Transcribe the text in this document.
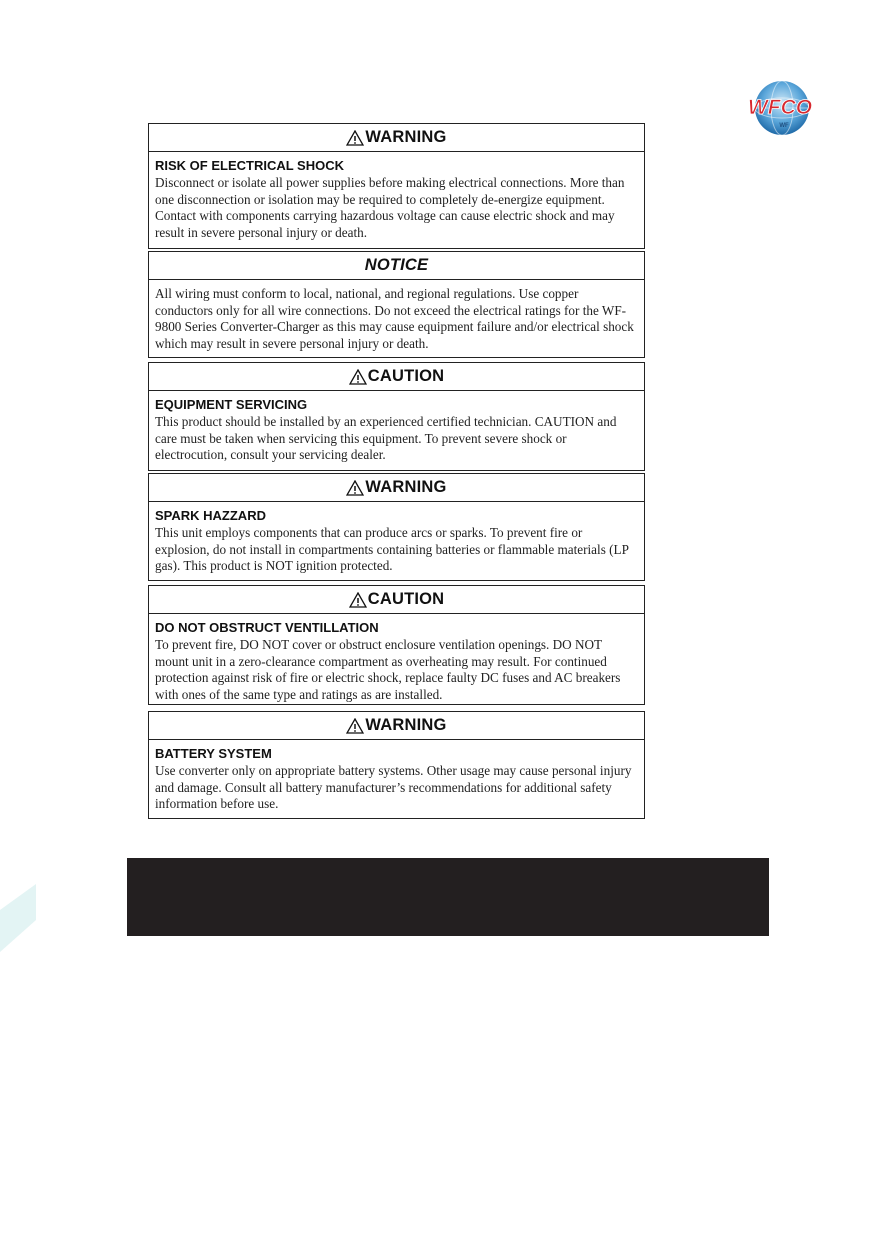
WFCO
WF
WARNING
RISK OF ELECTRICAL SHOCK

Disconnect or isolate all power supplies before making electrical connections. More than one disconnection or isolation may be required to completely de-energize equipment. Contact with components carrying hazardous voltage can cause electric shock and may result in severe personal injury or death.

NOTICE

All wiring must conform to local, national, and regional regulations. Use copper conductors only for all wire connections. Do not exceed the electrical ratings for the WF-9800 Series Converter-Charger as this may cause equipment failure and/or electrical shock which may result in severe personal injury or death.

CAUTION
EQUIPMENT SERVICING

This product should be installed by an experienced certified technician. CAUTION and care must be taken when servicing this equipment. To prevent severe shock or electrocution, consult your servicing dealer.

WARNING
SPARK HAZZARD

This unit employs components that can produce arcs or sparks. To prevent fire or explosion, do not install in compartments containing batteries or flammable materials (LP gas). This product is NOT ignition protected.

CAUTION
DO NOT OBSTRUCT VENTILLATION

To prevent fire, DO NOT cover or obstruct enclosure ventilation openings. DO NOT mount unit in a zero-clearance compartment as overheating may result. For continued protection against risk of fire or electric shock, replace faulty DC fuses and AC breakers with ones of the same type and ratings as are installed.

WARNING
BATTERY SYSTEM

Use converter only on appropriate battery systems. Other usage may cause personal injury and damage. Consult all battery manufacturer’s recommendations for additional safety information before use.
